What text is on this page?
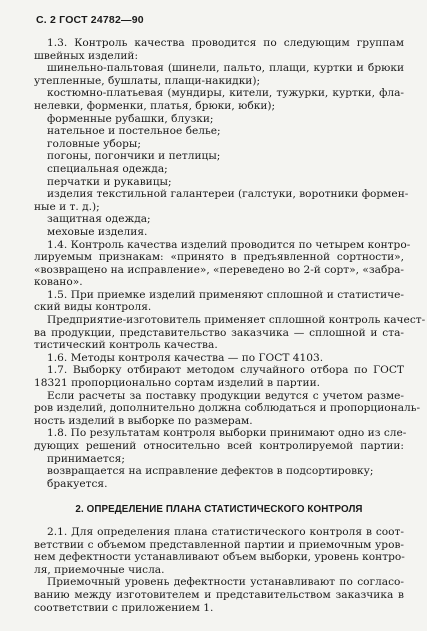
С. 2 ГОСТ 24782—90
1.3. Контроль качества проводится по следующим группам
швейных изделий:
шинельно-пальтовая (шинели, пальто, плащи, куртки и брюки
утепленные, бушлаты, плащи-накидки);
костюмно-платьевая (мундиры, кители, тужурки, куртки, фла-
нелевки, форменки, платья, брюки, юбки);
форменные рубашки, блузки;
нательное и постельное белье;
головные уборы;
погоны, погончики и петлицы;
специальная одежда;
перчатки и рукавицы;
изделия текстильной галантереи (галстуки, воротники формен-
ные и т. д.);
защитная одежда;
меховые изделия.
1.4. Контроль качества изделий проводится по четырем контро-
лируемым признакам: «принято в предъявленной сортности»,
«возвращено на исправление», «переведено во 2-й сорт», «забра-
ковано».
1.5. При приемке изделий применяют сплошной и статистиче-
ский виды контроля.
Предприятие-изготовитель применяет сплошной контроль качест-
ва продукции, представительство заказчика — сплошной и ста-
тистический контроль качества.
1.6. Методы контроля качества — по ГОСТ 4103.
1.7. Выборку отбирают методом случайного отбора по ГОСТ
18321 пропорционально сортам изделий в партии.
Если расчеты за поставку продукции ведутся с учетом разме-
ров изделий, дополнительно должна соблюдаться и пропорциональ-
ность изделий в выборке по размерам.
1.8. По результатам контроля выборки принимают одно из сле-
дующих решений относительно всей контролируемой партии:
принимается;
возвращается на исправление дефектов в подсортировку;
бракуется.
2. ОПРЕДЕЛЕНИЕ ПЛАНА СТАТИСТИЧЕСКОГО КОНТРОЛЯ
2.1. Для определения плана статистического контроля в соот-
ветствии с объемом представленной партии и приемочным уров-
нем дефектности устанавливают объем выборки, уровень контро-
ля, приемочные числа.
Приемочный уровень дефектности устанавливают по согласо-
ванию между изготовителем и представительством заказчика в
соответствии с приложением 1.
